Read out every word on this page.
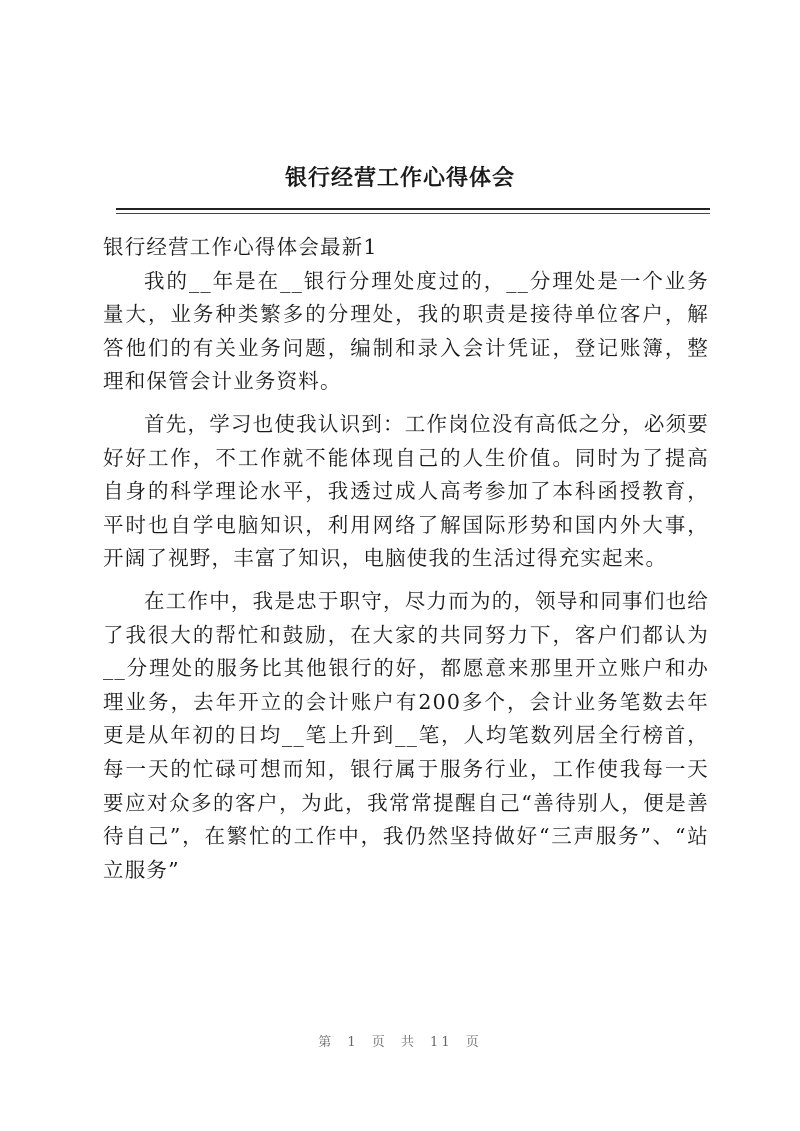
银行经营工作心得体会

银行经营工作心得体会最新1

我的__年是在__银行分理处度过的，__分理处是一个业务量大，业务种类繁多的分理处，我的职责是接待单位客户，解答他们的有关业务问题，编制和录入会计凭证，登记账簿，整理和保管会计业务资料。

首先，学习也使我认识到：工作岗位没有高低之分，必须要好好工作，不工作就不能体现自己的人生价值。同时为了提高自身的科学理论水平，我透过成人高考参加了本科函授教育，平时也自学电脑知识，利用网络了解国际形势和国内外大事，开阔了视野，丰富了知识，电脑使我的生活过得充实起来。

在工作中，我是忠于职守，尽力而为的，领导和同事们也给了我很大的帮忙和鼓励，在大家的共同努力下，客户们都认为__分理处的服务比其他银行的好，都愿意来那里开立账户和办理业务，去年开立的会计账户有200多个，会计业务笔数去年更是从年初的日均__笔上升到__笔，人均笔数列居全行榜首，每一天的忙碌可想而知，银行属于服务行业，工作使我每一天要应对众多的客户，为此，我常常提醒自己“善待别人，便是善待自己”，在繁忙的工作中，我仍然坚持做好“三声服务”、“站立服务”

第 1 页 共 11 页
